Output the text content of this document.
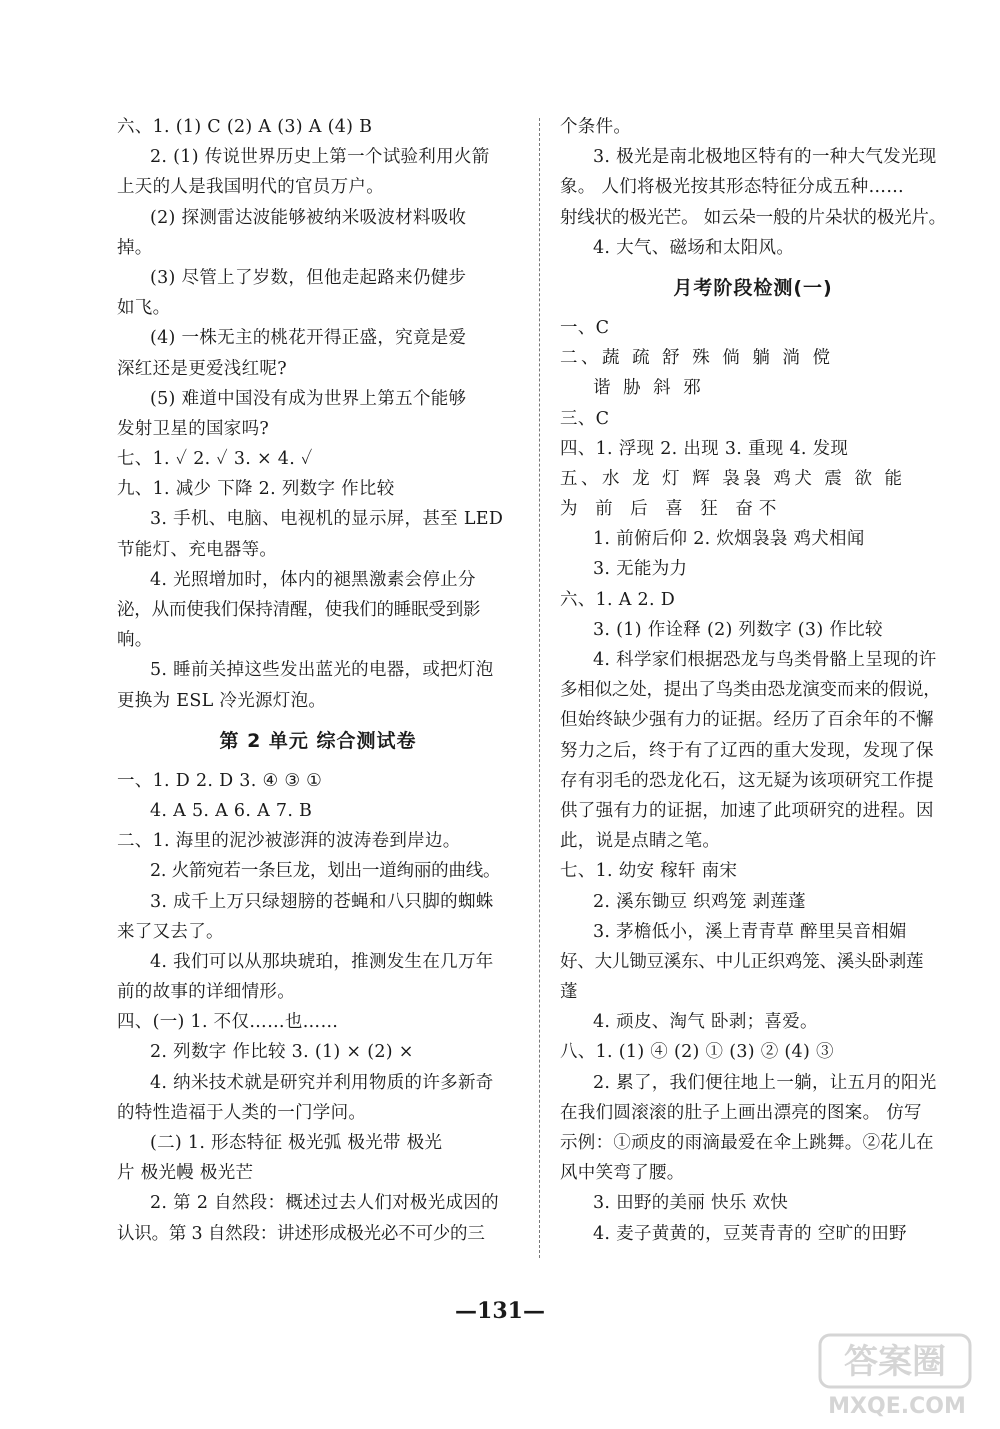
六、1. (1) C (2) A (3) A (4) B
2. (1) 传说世界历史上第一个试验利用火箭
上天的人是我国明代的官员万户。
(2) 探测雷达波能够被纳米吸波材料吸收
掉。
(3) 尽管上了岁数，但他走起路来仍健步
如飞。
(4) 一株无主的桃花开得正盛，究竟是爱
深红还是更爱浅红呢?
(5) 难道中国没有成为世界上第五个能够
发射卫星的国家吗?
七、1. ✓ 2. ✓ 3. × 4. ✓
九、1. 减少 下降 2. 列数字 作比较
3. 手机、电脑、电视机的显示屏，甚至 LED
节能灯、充电器等。
4. 光照增加时，体内的褪黑激素会停止分
泌，从而使我们保持清醒，使我们的睡眠受到影
响。
5. 睡前关掉这些发出蓝光的电器，或把灯泡
更换为 ESL 冷光源灯泡。
第 2 单元 综合测试卷
一、1. D 2. D 3. ④ ③ ①
4. A 5. A 6. A 7. B
二、1. 海里的泥沙被澎湃的波涛卷到岸边。
2. 火箭宛若一条巨龙，划出一道绚丽的曲线。
3. 成千上万只绿翅膀的苍蝇和八只脚的蜘蛛
来了又去了。
4. 我们可以从那块琥珀，推测发生在几万年
前的故事的详细情形。
四、(一) 1. 不仅……也……
2. 列数字 作比较 3. (1) × (2) ×
4. 纳米技术就是研究并利用物质的许多新奇
的特性造福于人类的一门学问。
(二) 1. 形态特征 极光弧 极光带 极光
片 极光幔 极光芒
2. 第 2 自然段：概述过去人们对极光成因的
认识。第 3 自然段：讲述形成极光必不可少的三
个条件。
3. 极光是南北极地区特有的一种大气发光现
象。 人们将极光按其形态特征分成五种……
射线状的极光芒。 如云朵一般的片朵状的极光片。
4. 大气、磁场和太阳风。
月考阶段检测(一)
一、C
二、蔬 疏 舒 殊 倘 躺 淌 傥
谐 胁 斜 邪
三、C
四、1. 浮现 2. 出现 3. 重现 4. 发现
五、水 龙 灯 辉 袅袅 鸡犬 震 欲 能
为 前 后 喜 狂 奋不
1. 前俯后仰 2. 炊烟袅袅 鸡犬相闻
3. 无能为力
六、1. A 2. D
3. (1) 作诠释 (2) 列数字 (3) 作比较
4. 科学家们根据恐龙与鸟类骨骼上呈现的许
多相似之处，提出了鸟类由恐龙演变而来的假说，
但始终缺少强有力的证据。经历了百余年的不懈
努力之后，终于有了辽西的重大发现，发现了保
存有羽毛的恐龙化石，这无疑为该项研究工作提
供了强有力的证据，加速了此项研究的进程。因
此，说是点睛之笔。
七、1. 幼安 稼轩 南宋
2. 溪东锄豆 织鸡笼 剥莲蓬
3. 茅檐低小，溪上青青草 醉里吴音相媚
好、大儿锄豆溪东、中儿正织鸡笼、溪头卧剥莲
蓬
4. 顽皮、淘气 卧剥；喜爱。
八、1. (1) ④ (2) ① (3) ② (4) ③
2. 累了，我们便往地上一躺，让五月的阳光
在我们圆滚滚的肚子上画出漂亮的图案。 仿写
示例：①顽皮的雨滴最爱在伞上跳舞。②花儿在
风中笑弯了腰。
3. 田野的美丽 快乐 欢快
4. 麦子黄黄的，豆荚青青的 空旷的田野
—131—
答案圈
MXQE.COM
